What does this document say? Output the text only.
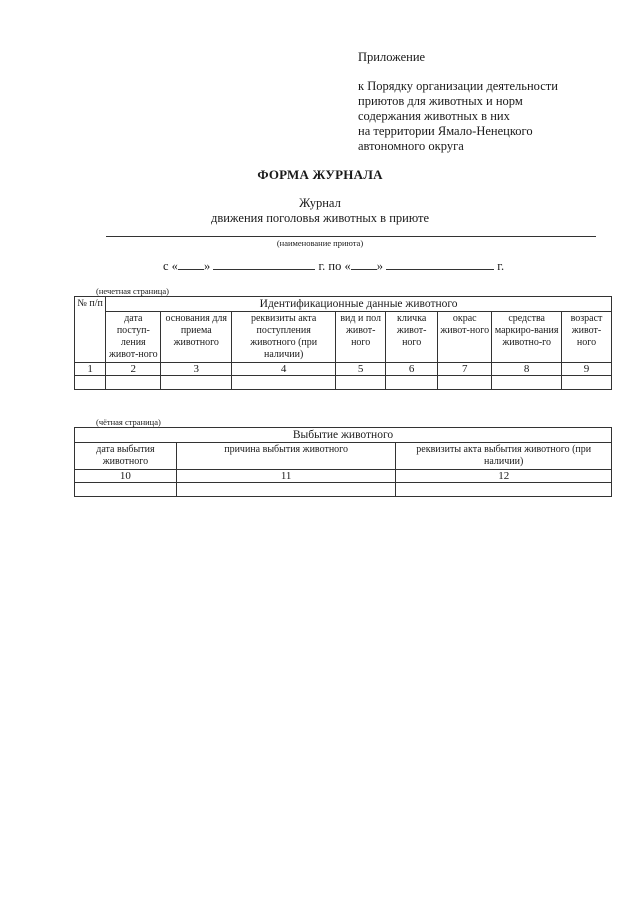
Приложение
к Порядку организации деятельности
приютов для животных и норм
содержания животных в них
на территории Ямало-Ненецкого
автономного округа
ФОРМА ЖУРНАЛА
Журнал
движения поголовья животных в приюте
(наименование приюта)
с « »	г. по « »	г.
(нечетная страница)
№ п/п	Идентификационные данные животного							
	дата поступ-ления живот-ного	основания для приема животного	реквизиты акта поступления животного (при наличии)	вид и пол живот-ного	кличка живот-ного	окрас живот-ного	средства маркиро-вания животно-го	возраст живот-ного
1	2	3	4	5	6	7	8	9

(чётная страница)
Выбытие животного		
дата выбытия животного	причина выбытия животного	реквизиты акта выбытия животного (при наличии)
10	11	12
